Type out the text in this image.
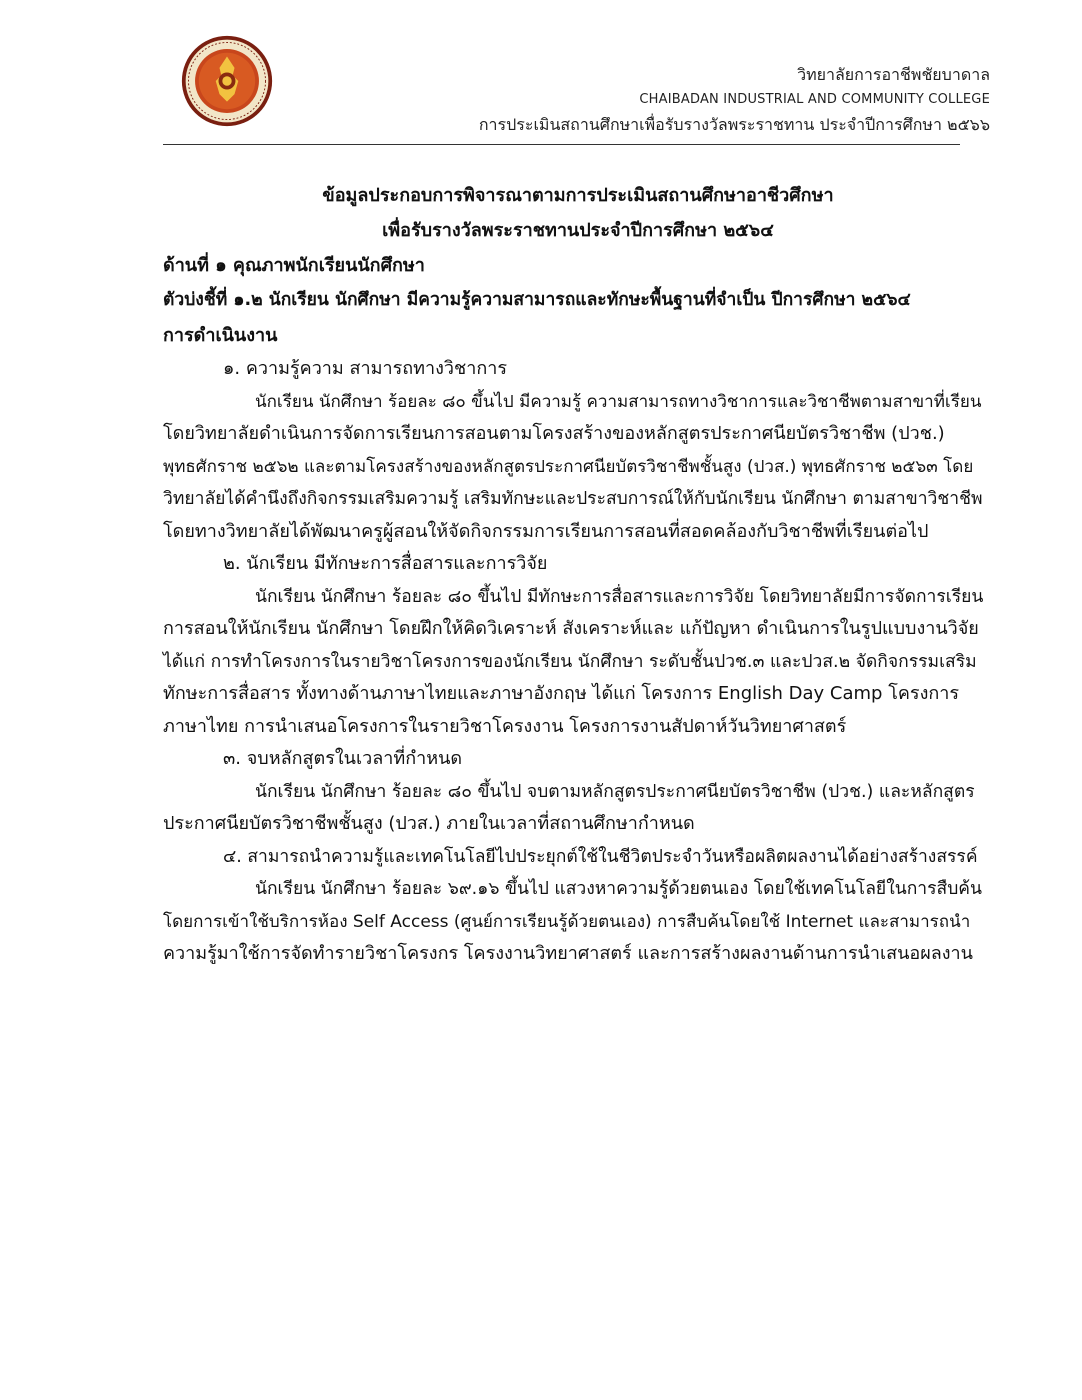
วิทยาลัยการอาชีพชัยบาดาล
CHAIBADAN INDUSTRIAL AND COMMUNITY COLLEGE
การประเมินสถานศึกษาเพื่อรับรางวัลพระราชทาน ประจำปีการศึกษา ๒๕๖๖
ข้อมูลประกอบการพิจารณาตามการประเมินสถานศึกษาอาชีวศึกษา
เพื่อรับรางวัลพระราชทานประจำปีการศึกษา ๒๕๖๔
ด้านที่ ๑ คุณภาพนักเรียนนักศึกษา
ตัวบ่งชี้ที่ ๑.๒ นักเรียน นักศึกษา มีความรู้ความสามารถและทักษะพื้นฐานที่จำเป็น ปีการศึกษา ๒๕๖๔
การดำเนินงาน
๑. ความรู้ความ สามารถทางวิชาการ
นักเรียน นักศึกษา ร้อยละ ๘๐ ขึ้นไป มีความรู้ ความสามารถทางวิชาการและวิชาชีพตามสาขาที่เรียน
โดยวิทยาลัยดำเนินการจัดการเรียนการสอนตามโครงสร้างของหลักสูตรประกาศนียบัตรวิชาชีพ (ปวช.)
พุทธศักราช ๒๕๖๒ และตามโครงสร้างของหลักสูตรประกาศนียบัตรวิชาชีพชั้นสูง (ปวส.) พุทธศักราช ๒๕๖๓ โดย
วิทยาลัยได้คำนึงถึงกิจกรรมเสริมความรู้ เสริมทักษะและประสบการณ์ให้กับนักเรียน นักศึกษา ตามสาขาวิชาชีพ
โดยทางวิทยาลัยได้พัฒนาครูผู้สอนให้จัดกิจกรรมการเรียนการสอนที่สอดคล้องกับวิชาชีพที่เรียนต่อไป
๒. นักเรียน มีทักษะการสื่อสารและการวิจัย
นักเรียน นักศึกษา ร้อยละ ๘๐ ขึ้นไป มีทักษะการสื่อสารและการวิจัย โดยวิทยาลัยมีการจัดการเรียน
การสอนให้นักเรียน นักศึกษา โดยฝึกให้คิดวิเคราะห์ สังเคราะห์และ แก้ปัญหา ดำเนินการในรูปแบบงานวิจัย
ได้แก่ การทำโครงการในรายวิชาโครงการของนักเรียน นักศึกษา ระดับชั้นปวช.๓ และปวส.๒ จัดกิจกรรมเสริม
ทักษะการสื่อสาร ทั้งทางด้านภาษาไทยและภาษาอังกฤษ ได้แก่ โครงการ English Day Camp โครงการ
ภาษาไทย การนำเสนอโครงการในรายวิชาโครงงาน โครงการงานสัปดาห์วันวิทยาศาสตร์
๓. จบหลักสูตรในเวลาที่กำหนด
นักเรียน นักศึกษา ร้อยละ ๘๐ ขึ้นไป จบตามหลักสูตรประกาศนียบัตรวิชาชีพ (ปวช.) และหลักสูตร
ประกาศนียบัตรวิชาชีพชั้นสูง (ปวส.) ภายในเวลาที่สถานศึกษากำหนด
๔. สามารถนำความรู้และเทคโนโลยีไปประยุกต์ใช้ในชีวิตประจำวันหรือผลิตผลงานได้อย่างสร้างสรรค์
นักเรียน นักศึกษา ร้อยละ ๖๙.๑๖ ขึ้นไป แสวงหาความรู้ด้วยตนเอง โดยใช้เทคโนโลยีในการสืบค้น
โดยการเข้าใช้บริการห้อง Self Access (ศูนย์การเรียนรู้ด้วยตนเอง) การสืบค้นโดยใช้ Internet และสามารถนำ
ความรู้มาใช้การจัดทำรายวิชาโครงกร โครงงานวิทยาศาสตร์ และการสร้างผลงานด้านการนำเสนอผลงาน
